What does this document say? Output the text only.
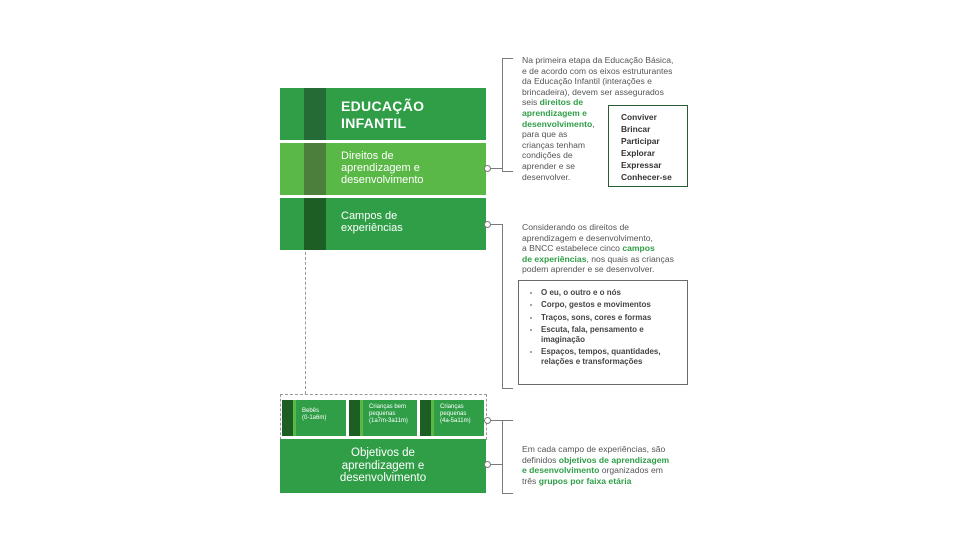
EDUCAÇÃO
INFANTIL
Direitos de
aprendizagem e
desenvolvimento
Campos de
experiências
Bebês
(0-1a6m)
Crianças bem
pequenas
(1a7m-3a11m)
Crianças
pequenas
(4a-5a11m)
Objetivos de
aprendizagem e
desenvolvimento
Na primeira etapa da Educação Básica,
e de acordo com os eixos estruturantes
da Educação Infantil (interações e
brincadeira), devem ser assegurados
seis direitos de
aprendizagem e
desenvolvimento,
para que as
crianças tenham
condições de
aprender e se
desenvolver.
Conviver
Brincar
Participar
Explorar
Expressar
Conhecer-se
Considerando os direitos de
aprendizagem e desenvolvimento,
a BNCC estabelece cinco campos
de experiências, nos quais as crianças
podem aprender e se desenvolver.
• O eu, o outro e o nós
• Corpo, gestos e movimentos
• Traços, sons, cores e formas
• Escuta, fala, pensamento e imaginação
• Espaços, tempos, quantidades, relações e transformações
Em cada campo de experiências, são
definidos objetivos de aprendizagem
e desenvolvimento organizados em
três grupos por faixa etária
